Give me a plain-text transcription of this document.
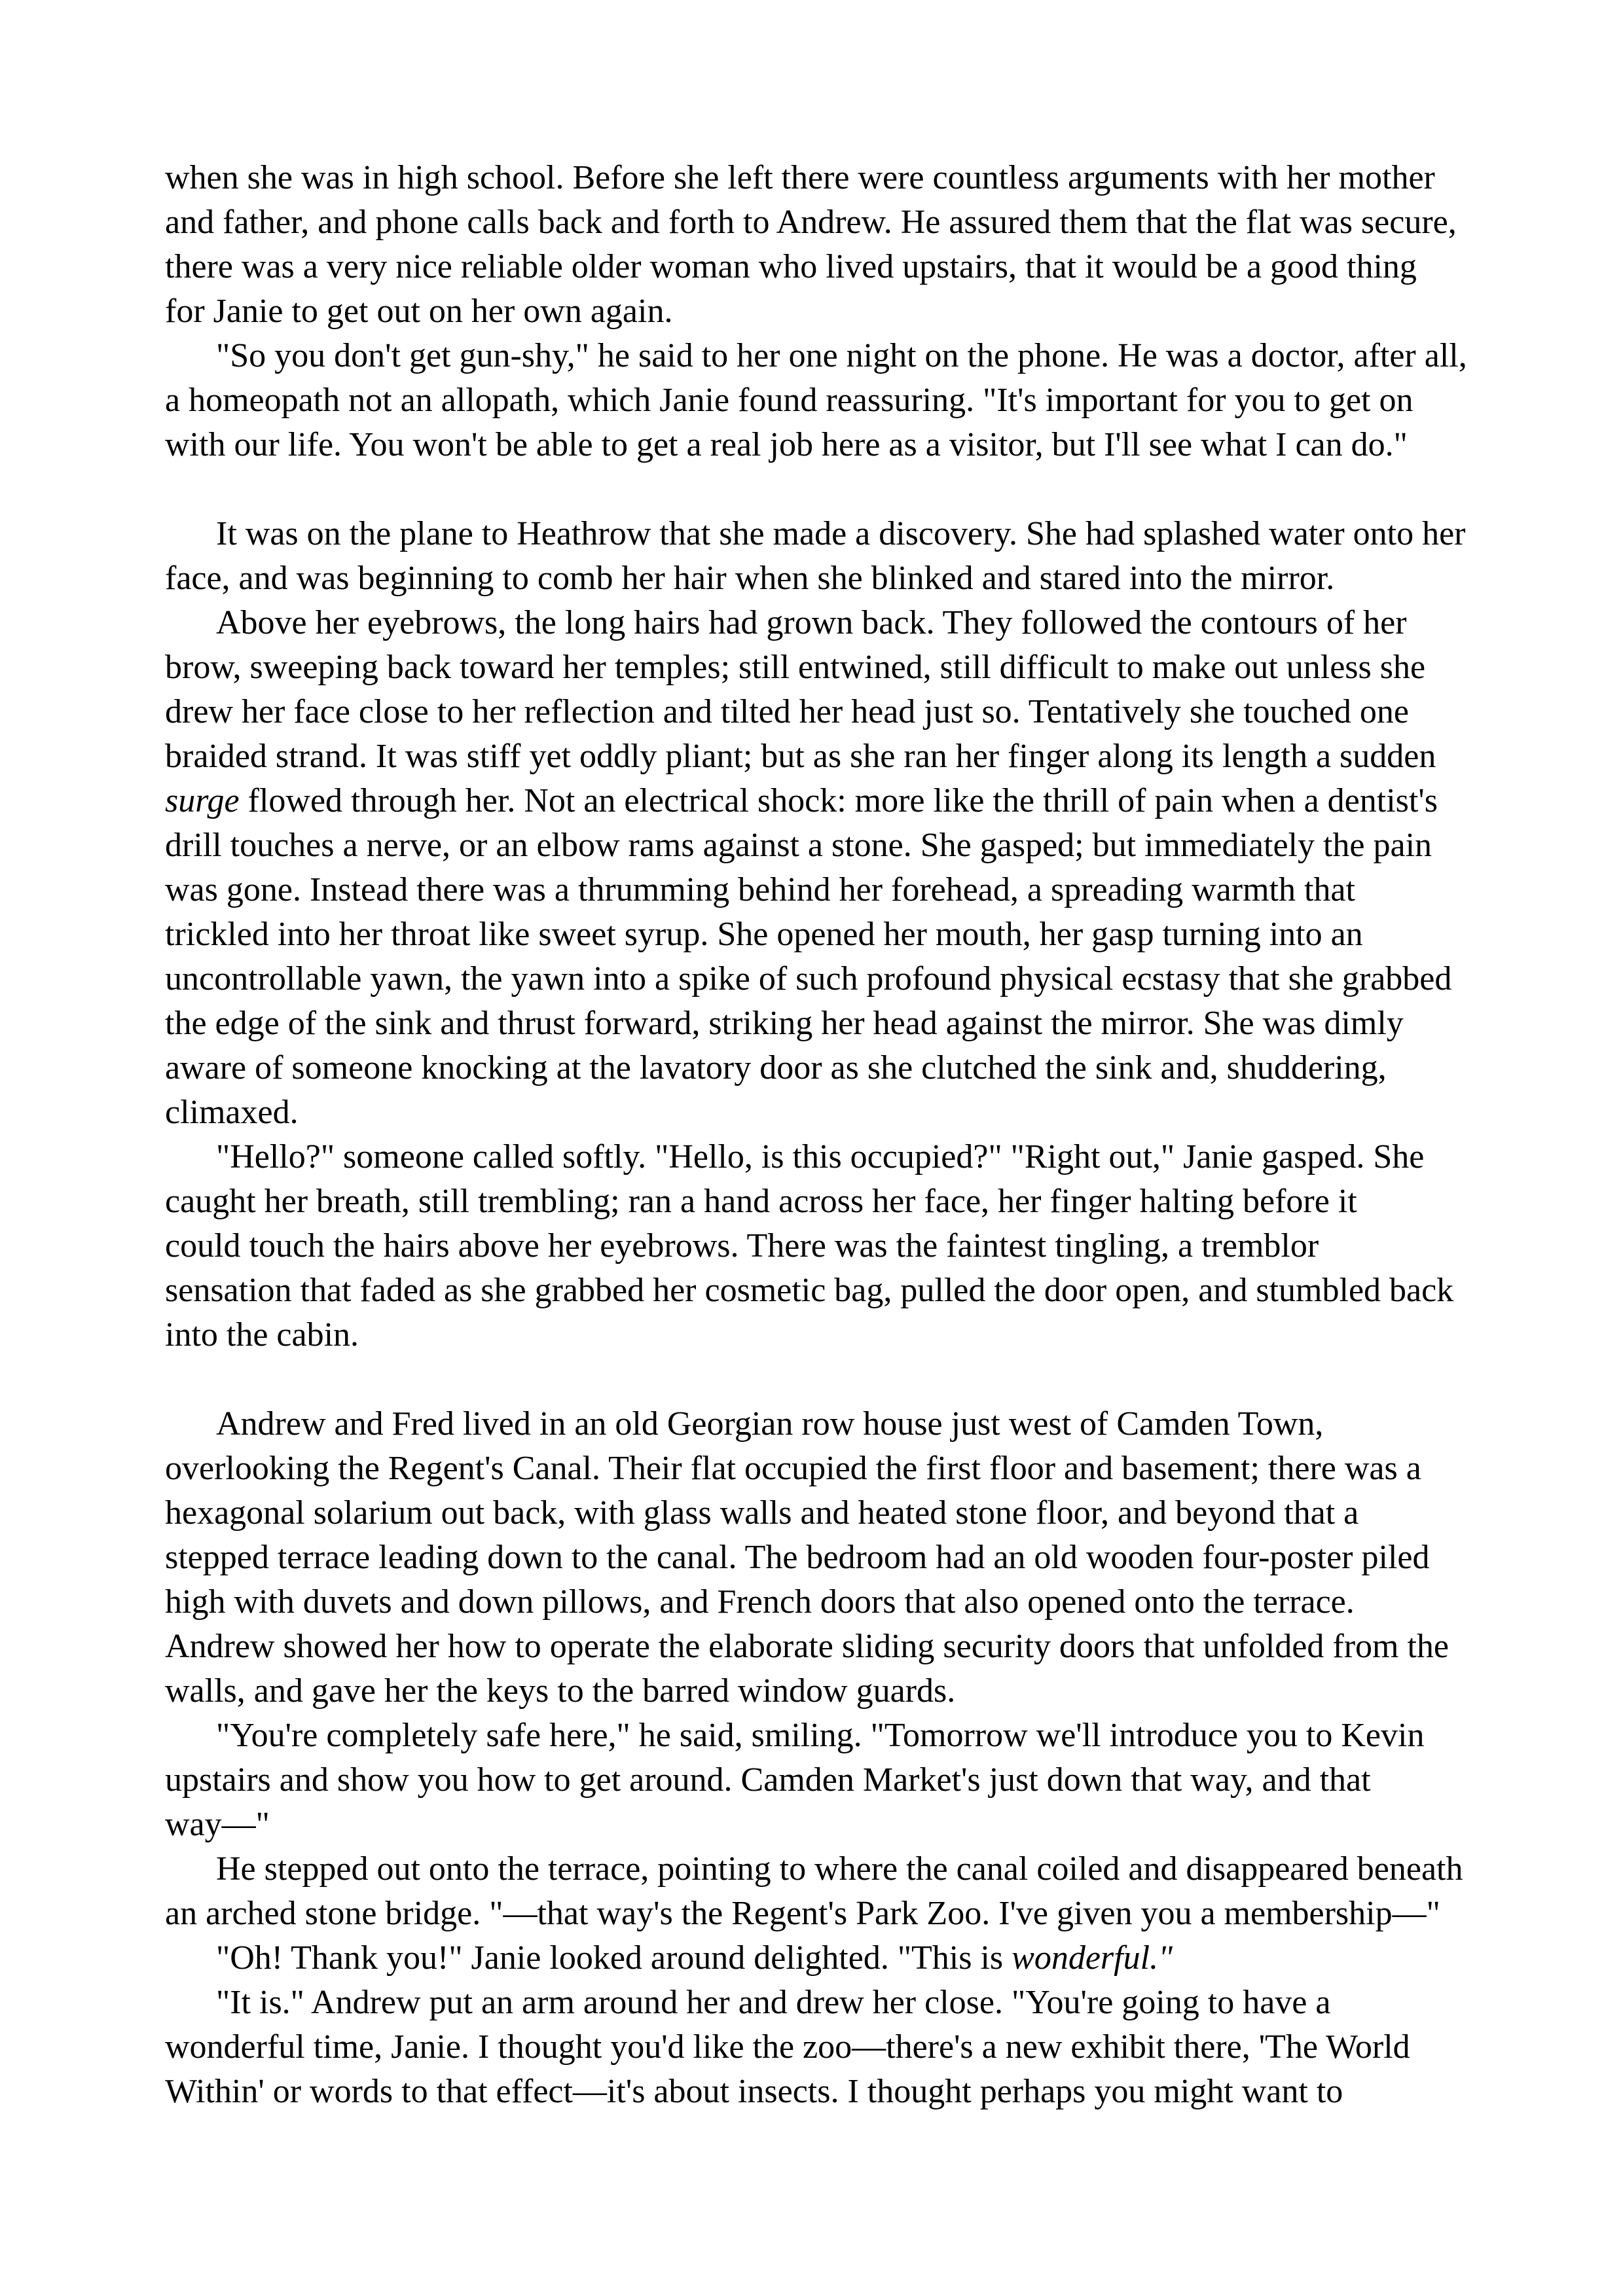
when she was in high school. Before she left there were countless arguments with her mother
and father, and phone calls back and forth to Andrew. He assured them that the flat was secure,
there was a very nice reliable older woman who lived upstairs, that it would be a good thing
for Janie to get out on her own again.
"So you don't get gun-shy," he said to her one night on the phone. He was a doctor, after all,
a homeopath not an allopath, which Janie found reassuring. "It's important for you to get on
with our life. You won't be able to get a real job here as a visitor, but I'll see what I can do."
It was on the plane to Heathrow that she made a discovery. She had splashed water onto her
face, and was beginning to comb her hair when she blinked and stared into the mirror.
Above her eyebrows, the long hairs had grown back. They followed the contours of her
brow, sweeping back toward her temples; still entwined, still difficult to make out unless she
drew her face close to her reflection and tilted her head just so. Tentatively she touched one
braided strand. It was stiff yet oddly pliant; but as she ran her finger along its length a sudden
surge flowed through her. Not an electrical shock: more like the thrill of pain when a dentist's
drill touches a nerve, or an elbow rams against a stone. She gasped; but immediately the pain
was gone. Instead there was a thrumming behind her forehead, a spreading warmth that
trickled into her throat like sweet syrup. She opened her mouth, her gasp turning into an
uncontrollable yawn, the yawn into a spike of such profound physical ecstasy that she grabbed
the edge of the sink and thrust forward, striking her head against the mirror. She was dimly
aware of someone knocking at the lavatory door as she clutched the sink and, shuddering,
climaxed.
"Hello?" someone called softly. "Hello, is this occupied?" "Right out," Janie gasped. She
caught her breath, still trembling; ran a hand across her face, her finger halting before it
could touch the hairs above her eyebrows. There was the faintest tingling, a tremblor
sensation that faded as she grabbed her cosmetic bag, pulled the door open, and stumbled back
into the cabin.
Andrew and Fred lived in an old Georgian row house just west of Camden Town,
overlooking the Regent's Canal. Their flat occupied the first floor and basement; there was a
hexagonal solarium out back, with glass walls and heated stone floor, and beyond that a
stepped terrace leading down to the canal. The bedroom had an old wooden four-poster piled
high with duvets and down pillows, and French doors that also opened onto the terrace.
Andrew showed her how to operate the elaborate sliding security doors that unfolded from the
walls, and gave her the keys to the barred window guards.
"You're completely safe here," he said, smiling. "Tomorrow we'll introduce you to Kevin
upstairs and show you how to get around. Camden Market's just down that way, and that
way—"
He stepped out onto the terrace, pointing to where the canal coiled and disappeared beneath
an arched stone bridge. "—that way's the Regent's Park Zoo. I've given you a membership—"
"Oh! Thank you!" Janie looked around delighted. "This is wonderful."
"It is." Andrew put an arm around her and drew her close. "You're going to have a
wonderful time, Janie. I thought you'd like the zoo—there's a new exhibit there, 'The World
Within' or words to that effect—it's about insects. I thought perhaps you might want to
